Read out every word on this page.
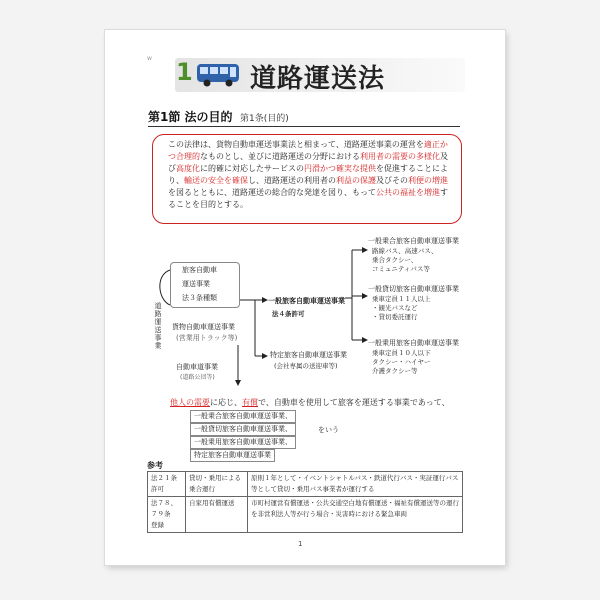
w 1 道路運送法
第1節 法の目的 第1条(目的)

この法律は、貨物自動車運送事業法と相まって、道路運送事業の運営を適正かつ合理的なものとし、並びに道路運送の分野における利用者の需要の多様化及び高度化に的確に対応したサービスの円滑かつ確実な提供を促進することにより、輸送の安全を確保し、道路運送の利用者の利益の保護及びその利便の増進を図るとともに、道路運送の総合的な発達を図り、もって公共の福祉を増進することを目的とする。

道路運送事業
旅客自動車
運送事業
法３条種類
貨物自動車運送事業
(営業用トラック等)
自動車道事業
(道路公団等)
一般旅客自動車運送事業
法４条許可
特定旅客自動車運送事業
(会社専属の送迎車等)
一般乗合旅客自動車運送事業
路線バス、高速バス、
乗合タクシー、
コミュニティバス等
一般貸切旅客自動車運送事業
乗車定員１１人以上
・観光バスなど
・貸切委託運行
一般乗用旅客自動車運送事業
乗車定員１０人以下
タクシー・ハイヤー
介護タクシー等
他人の需要に応じ、有償で、自動車を使用して旅客を運送する事業であって、
一般乗合旅客自動車運送事業、
一般貸切旅客自動車運送事業、
一般乗用旅客自動車運送事業、
特定旅客自動車運送事業
をいう
参考
法２１条
許可	貸切・乗用による乗合運行	原則１年として・イベントシャトルバス・鉄道代行バス・実証運行バス等として貸切・乗用バス事業者が運行する
法７８、７９条
登録	自家用有償運送	市町村運営有償運送・公共交通空白地有償運送・福祉有償運送等の運行を非営利法人等が行う場合・災害時における緊急車両
1
